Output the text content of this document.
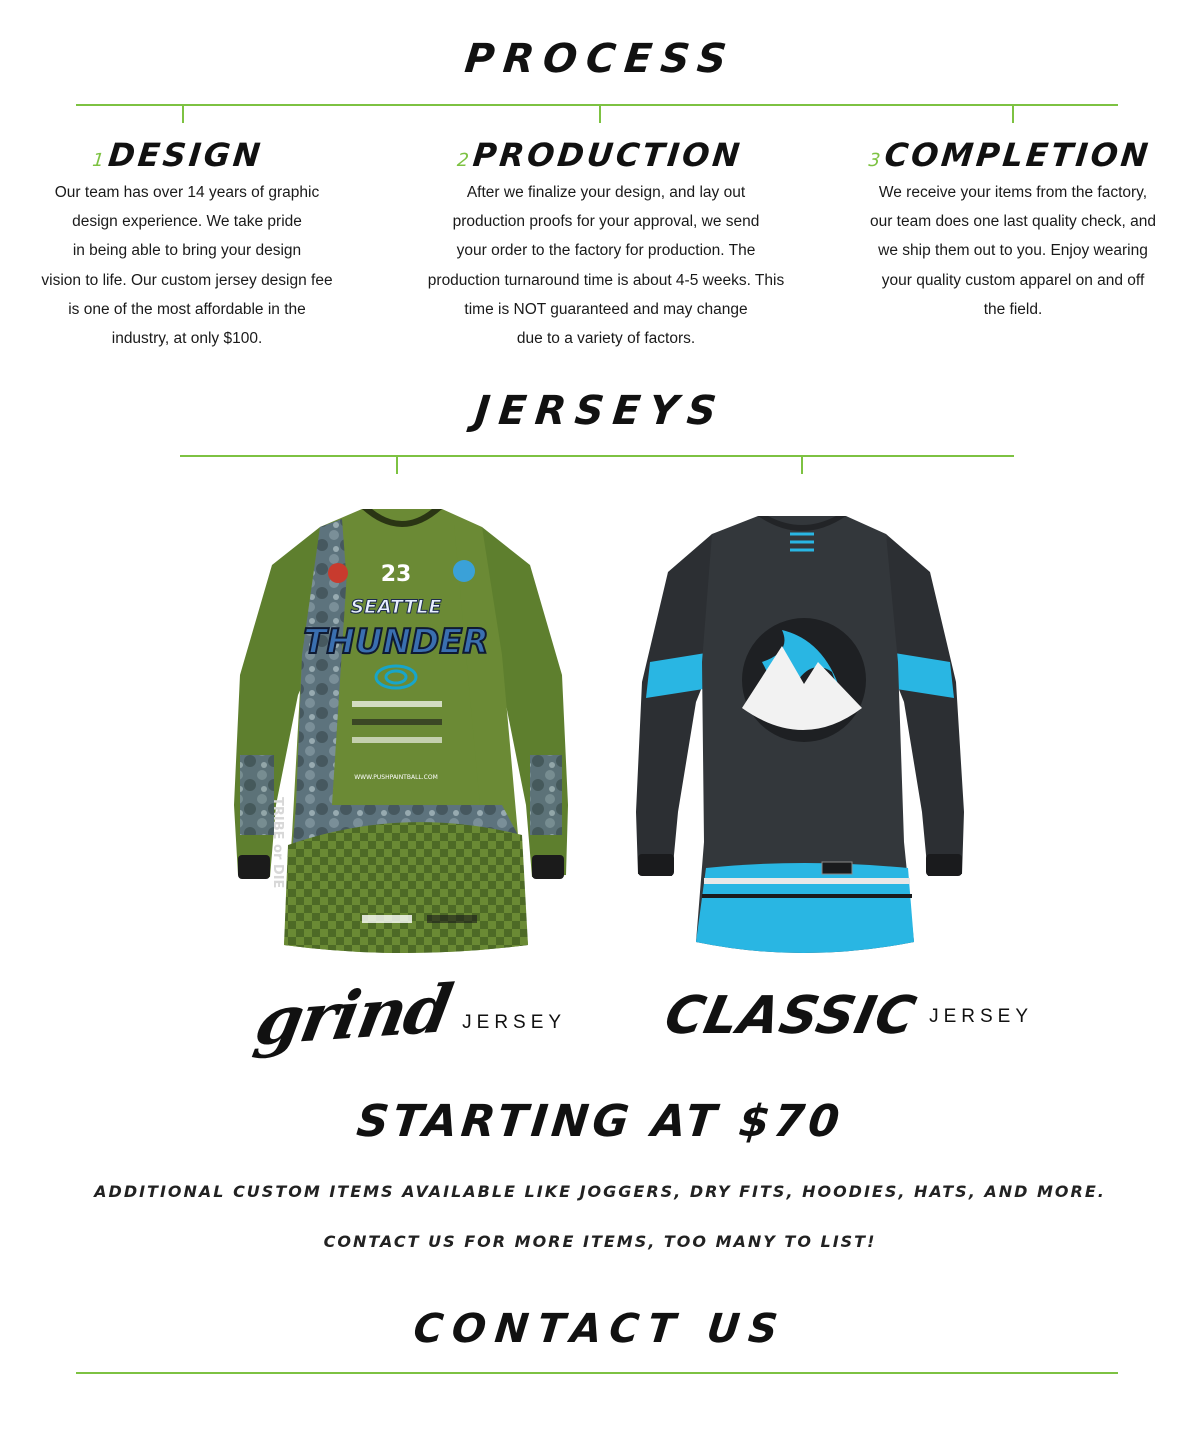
PROCESS
1DESIGN
Our team has over 14 years of graphic
design experience. We take pride
in being able to bring your design
vision to life. Our custom jersey design fee
is one of the most affordable in the
industry, at only $100.
2PRODUCTION
After we finalize your design, and lay out
production proofs for your approval, we send
your order to the factory for production. The
production turnaround time is about 4-5 weeks. This
time is NOT guaranteed and may change
due to a variety of factors.
3COMPLETION
We receive your items from the factory,
our team does one last quality check, and
we ship them out to you. Enjoy wearing
your quality custom apparel on and off
the field.
JERSEYS
23
SEATTLE
THUNDER
WWW.PUSHPAINTBALL.COM
TRIBE or DIE
grind JERSEY CLASSIC JERSEY
STARTING AT $70
ADDITIONAL CUSTOM ITEMS AVAILABLE LIKE JOGGERS, DRY FITS, HOODIES, HATS, AND MORE.
CONTACT US FOR MORE ITEMS, TOO MANY TO LIST!
CONTACT US
